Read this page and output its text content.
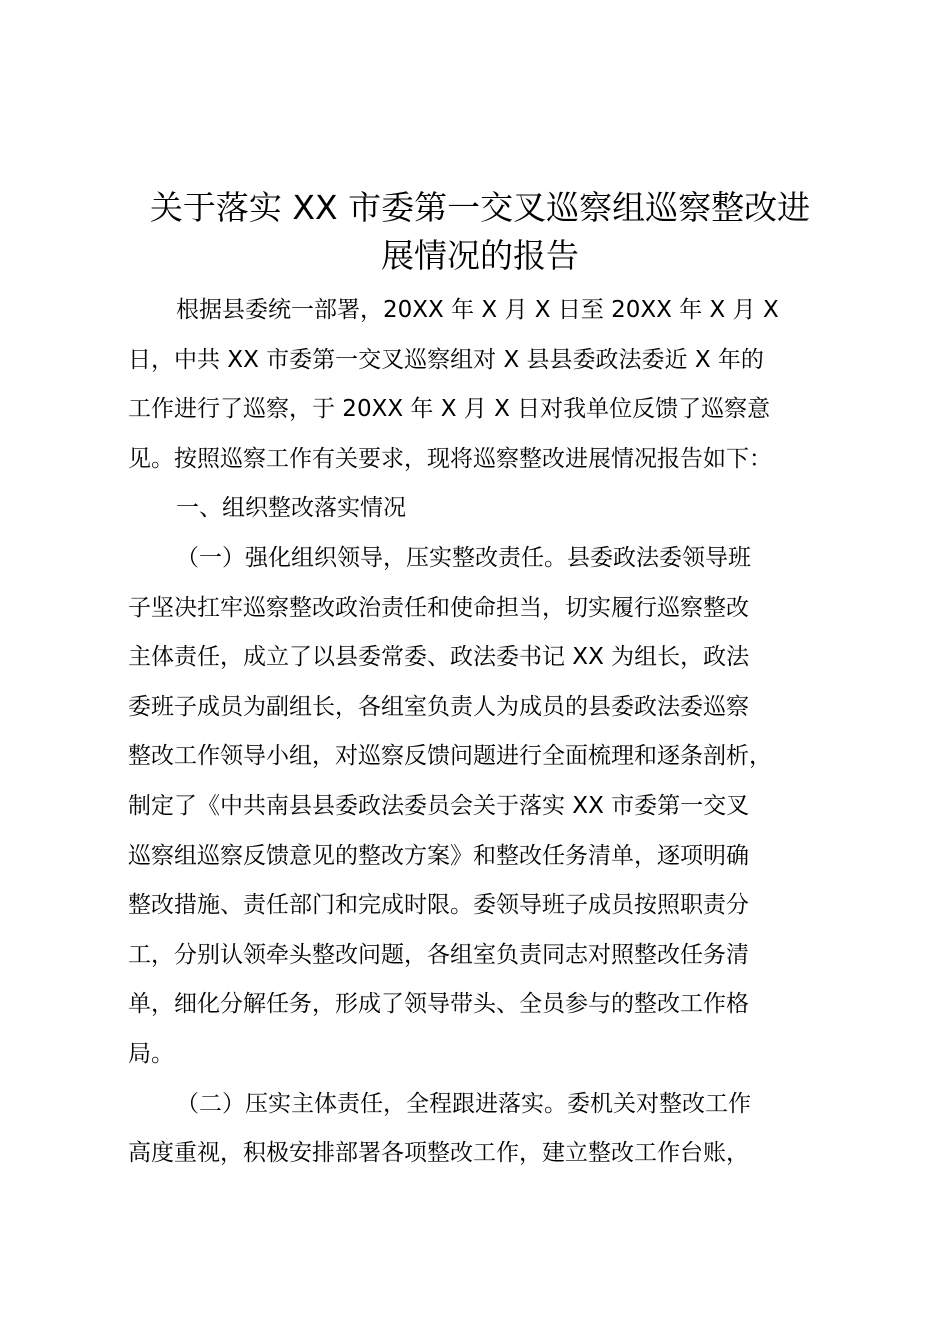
关于落实 XX 市委第一交叉巡察组巡察整改进
展情况的报告
根据县委统一部署，20XX 年 X 月 X 日至 20XX 年 X 月 X
日，中共 XX 市委第一交叉巡察组对 X 县县委政法委近 X 年的
工作进行了巡察，于 20XX 年 X 月 X 日对我单位反馈了巡察意
见。按照巡察工作有关要求，现将巡察整改进展情况报告如下：
一、组织整改落实情况
（一）强化组织领导，压实整改责任。县委政法委领导班
子坚决扛牢巡察整改政治责任和使命担当，切实履行巡察整改
主体责任，成立了以县委常委、政法委书记 XX 为组长，政法
委班子成员为副组长，各组室负责人为成员的县委政法委巡察
整改工作领导小组，对巡察反馈问题进行全面梳理和逐条剖析，
制定了《中共南县县委政法委员会关于落实 XX 市委第一交叉
巡察组巡察反馈意见的整改方案》和整改任务清单，逐项明确
整改措施、责任部门和完成时限。委领导班子成员按照职责分
工，分别认领牵头整改问题，各组室负责同志对照整改任务清
单，细化分解任务，形成了领导带头、全员参与的整改工作格
局。
（二）压实主体责任，全程跟进落实。委机关对整改工作
高度重视，积极安排部署各项整改工作，建立整改工作台账，
